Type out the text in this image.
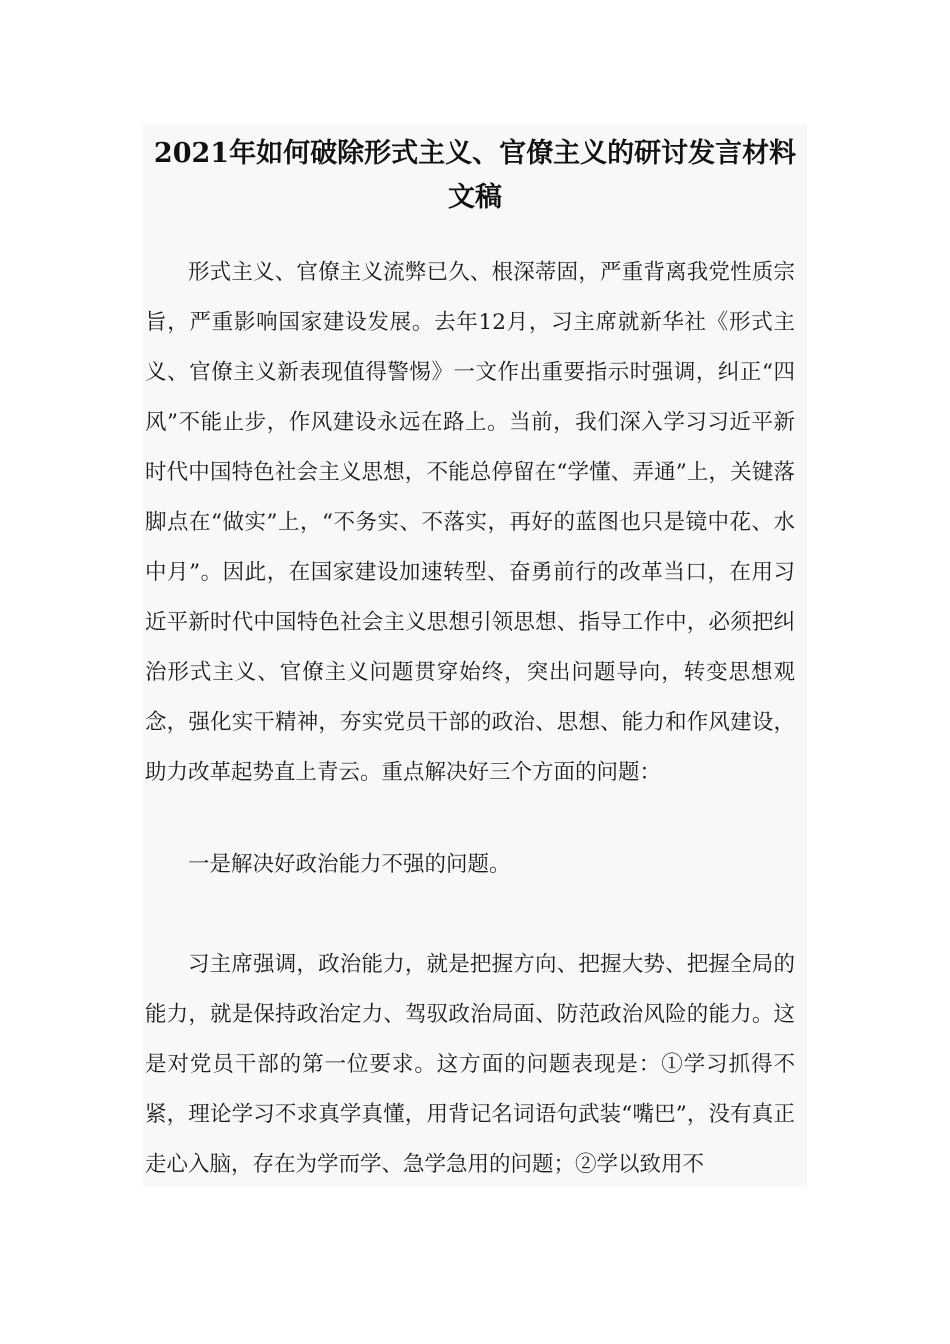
2021年如何破除形式主义、官僚主义的研讨发言材料文稿

形式主义、官僚主义流弊已久、根深蒂固，严重背离我党性质宗旨，严重影响国家建设发展。去年12月，习主席就新华社《形式主义、官僚主义新表现值得警惕》一文作出重要指示时强调，纠正“四风”不能止步，作风建设永远在路上。当前，我们深入学习习近平新时代中国特色社会主义思想，不能总停留在“学懂、弄通”上，关键落脚点在“做实”上，“不务实、不落实，再好的蓝图也只是镜中花、水中月”。因此，在国家建设加速转型、奋勇前行的改革当口，在用习近平新时代中国特色社会主义思想引领思想、指导工作中，必须把纠治形式主义、官僚主义问题贯穿始终，突出问题导向，转变思想观念，强化实干精神，夯实党员干部的政治、思想、能力和作风建设，助力改革起势直上青云。重点解决好三个方面的问题：

一是解决好政治能力不强的问题。

习主席强调，政治能力，就是把握方向、把握大势、把握全局的能力，就是保持政治定力、驾驭政治局面、防范政治风险的能力。这是对党员干部的第一位要求。这方面的问题表现是：①学习抓得不紧，理论学习不求真学真懂，用背记名词语句武装“嘴巴”，没有真正走心入脑，存在为学而学、急学急用的问题；②学以致用不
